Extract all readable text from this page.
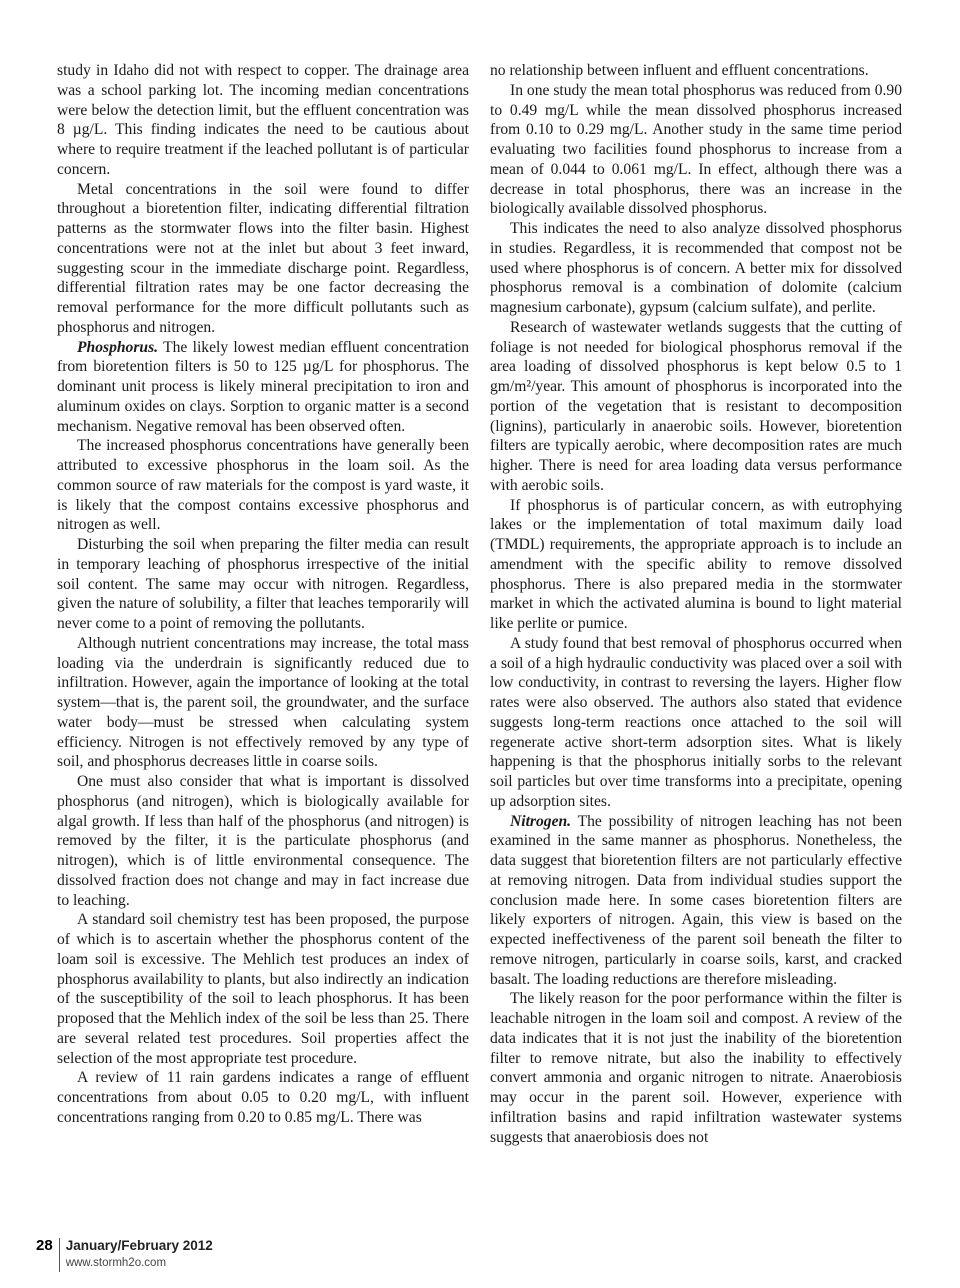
study in Idaho did not with respect to copper. The drainage area was a school parking lot. The incoming median concentrations were below the detection limit, but the effluent concentration was 8 µg/L. This finding indicates the need to be cautious about where to require treatment if the leached pollutant is of particular concern.

Metal concentrations in the soil were found to differ throughout a bioretention filter, indicating differential filtration patterns as the stormwater flows into the filter basin. Highest concentrations were not at the inlet but about 3 feet inward, suggesting scour in the immediate discharge point. Regardless, differential filtration rates may be one factor decreasing the removal performance for the more difficult pollutants such as phosphorus and nitrogen.

Phosphorus. The likely lowest median effluent concentration from bioretention filters is 50 to 125 µg/L for phosphorus. The dominant unit process is likely mineral precipitation to iron and aluminum oxides on clays. Sorption to organic matter is a second mechanism. Negative removal has been observed often.

The increased phosphorus concentrations have generally been attributed to excessive phosphorus in the loam soil. As the common source of raw materials for the compost is yard waste, it is likely that the compost contains excessive phosphorus and nitrogen as well.

Disturbing the soil when preparing the filter media can result in temporary leaching of phosphorus irrespective of the initial soil content. The same may occur with nitrogen. Regardless, given the nature of solubility, a filter that leaches temporarily will never come to a point of removing the pollutants.

Although nutrient concentrations may increase, the total mass loading via the underdrain is significantly reduced due to infiltration. However, again the importance of looking at the total system—that is, the parent soil, the groundwater, and the surface water body—must be stressed when calculating system efficiency. Nitrogen is not effectively removed by any type of soil, and phosphorus decreases little in coarse soils.

One must also consider that what is important is dissolved phosphorus (and nitrogen), which is biologically available for algal growth. If less than half of the phosphorus (and nitrogen) is removed by the filter, it is the particulate phosphorus (and nitrogen), which is of little environmental consequence. The dissolved fraction does not change and may in fact increase due to leaching.

A standard soil chemistry test has been proposed, the purpose of which is to ascertain whether the phosphorus content of the loam soil is excessive. The Mehlich test produces an index of phosphorus availability to plants, but also indirectly an indication of the susceptibility of the soil to leach phosphorus. It has been proposed that the Mehlich index of the soil be less than 25. There are several related test procedures. Soil properties affect the selection of the most appropriate test procedure.

A review of 11 rain gardens indicates a range of effluent concentrations from about 0.05 to 0.20 mg/L, with influent concentrations ranging from 0.20 to 0.85 mg/L. There was

no relationship between influent and effluent concentrations.

In one study the mean total phosphorus was reduced from 0.90 to 0.49 mg/L while the mean dissolved phosphorus increased from 0.10 to 0.29 mg/L. Another study in the same time period evaluating two facilities found phosphorus to increase from a mean of 0.044 to 0.061 mg/L. In effect, although there was a decrease in total phosphorus, there was an increase in the biologically available dissolved phosphorus.

This indicates the need to also analyze dissolved phosphorus in studies. Regardless, it is recommended that compost not be used where phosphorus is of concern. A better mix for dissolved phosphorus removal is a combination of dolomite (calcium magnesium carbonate), gypsum (calcium sulfate), and perlite.

Research of wastewater wetlands suggests that the cutting of foliage is not needed for biological phosphorus removal if the area loading of dissolved phosphorus is kept below 0.5 to 1 gm/m²/year. This amount of phosphorus is incorporated into the portion of the vegetation that is resistant to decomposition (lignins), particularly in anaerobic soils. However, bioretention filters are typically aerobic, where decomposition rates are much higher. There is need for area loading data versus performance with aerobic soils.

If phosphorus is of particular concern, as with eutrophying lakes or the implementation of total maximum daily load (TMDL) requirements, the appropriate approach is to include an amendment with the specific ability to remove dissolved phosphorus. There is also prepared media in the stormwater market in which the activated alumina is bound to light material like perlite or pumice.

A study found that best removal of phosphorus occurred when a soil of a high hydraulic conductivity was placed over a soil with low conductivity, in contrast to reversing the layers. Higher flow rates were also observed. The authors also stated that evidence suggests long-term reactions once attached to the soil will regenerate active short-term adsorption sites. What is likely happening is that the phosphorus initially sorbs to the relevant soil particles but over time transforms into a precipitate, opening up adsorption sites.

Nitrogen. The possibility of nitrogen leaching has not been examined in the same manner as phosphorus. Nonetheless, the data suggest that bioretention filters are not particularly effective at removing nitrogen. Data from individual studies support the conclusion made here. In some cases bioretention filters are likely exporters of nitrogen. Again, this view is based on the expected ineffectiveness of the parent soil beneath the filter to remove nitrogen, particularly in coarse soils, karst, and cracked basalt. The loading reductions are therefore misleading.

The likely reason for the poor performance within the filter is leachable nitrogen in the loam soil and compost. A review of the data indicates that it is not just the inability of the bioretention filter to remove nitrate, but also the inability to effectively convert ammonia and organic nitrogen to nitrate. Anaerobiosis may occur in the parent soil. However, experience with infiltration basins and rapid infiltration wastewater systems suggests that anaerobiosis does not

28 January/February 2012
www.stormh2o.com
